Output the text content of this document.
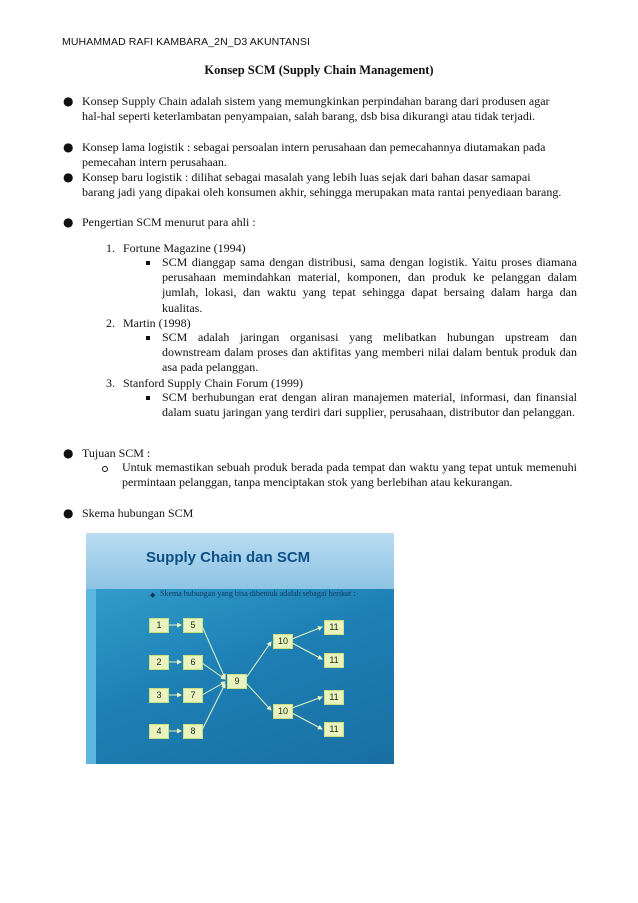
MUHAMMAD RAFI KAMBARA_2N_D3 AKUNTANSI
Konsep SCM (Supply Chain Management)
● Konsep Supply Chain adalah sistem yang memungkinkan perpindahan barang dari produsen agar hal-hal seperti keterlambatan penyampaian, salah barang, dsb bisa dikurangi atau tidak terjadi.
● Konsep lama logistik : sebagai persoalan intern perusahaan dan pemecahannya diutamakan pada pemecahan intern perusahaan.
● Konsep baru logistik : dilihat sebagai masalah yang lebih luas sejak dari bahan dasar samapai barang jadi yang dipakai oleh konsumen akhir, sehingga merupakan mata rantai penyediaan barang.
● Pengertian SCM menurut para ahli :
1. Fortune Magazine (1994)
SCM dianggap sama dengan distribusi, sama dengan logistik. Yaitu proses diamana perusahaan memindahkan material, komponen, dan produk ke pelanggan dalam jumlah, lokasi, dan waktu yang tepat sehingga dapat bersaing dalam harga dan kualitas.
2. Martin (1998)
SCM adalah jaringan organisasi yang melibatkan hubungan upstream dan downstream dalam proses dan aktifitas yang memberi nilai dalam bentuk produk dan asa pada pelanggan.
3. Stanford Supply Chain Forum (1999)
SCM berhubungan erat dengan aliran manajemen material, informasi, dan finansial dalam suatu jaringan yang terdiri dari supplier, perusahaan, distributor dan pelanggan.
● Tujuan SCM :
Untuk memastikan sebuah produk berada pada tempat dan waktu yang tepat untuk memenuhi permintaan pelanggan, tanpa menciptakan stok yang berlebihan atau kekurangan.
● Skema hubungan SCM
Supply Chain dan SCM
◆ Skema hubungan yang bisa dibentuk adalah sebagai berikut :
1
2
3
4
5
6
7
8
9
10
10
11
11
11
11
